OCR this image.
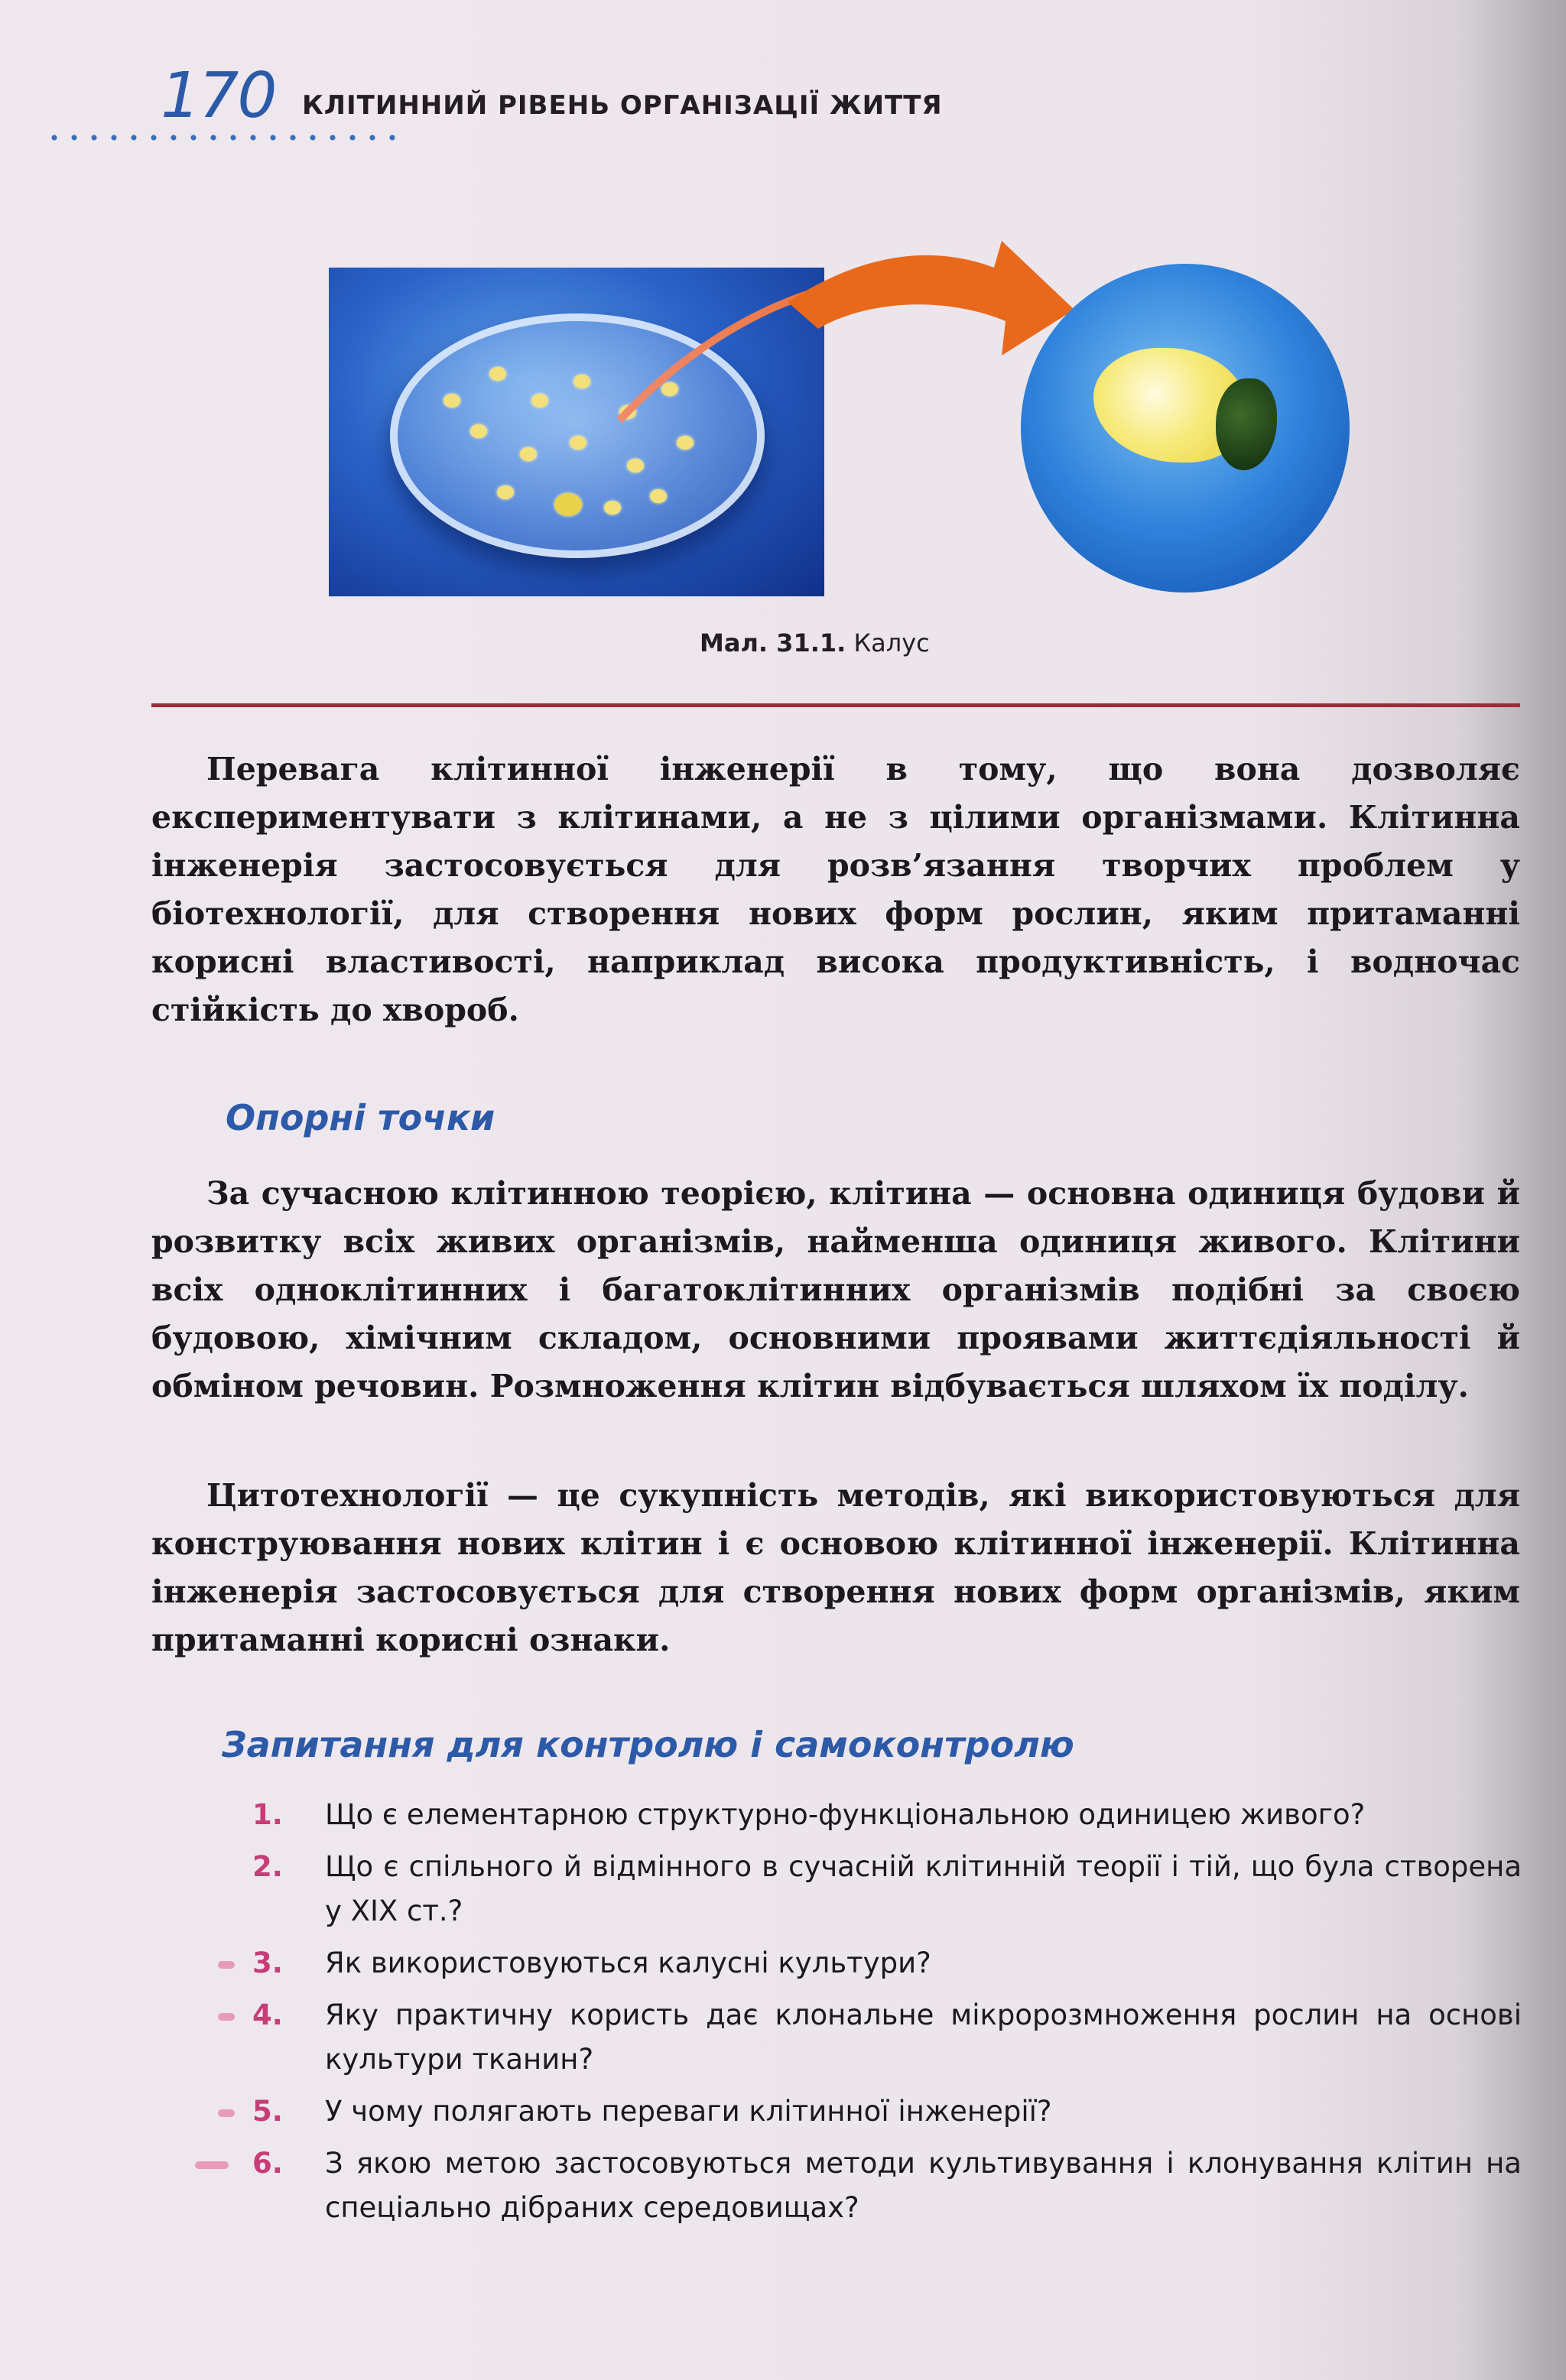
170 КЛІТИННИЙ РІВЕНЬ ОРГАНІЗАЦІЇ ЖИТТЯ
Мал. 31.1. Калус

Перевага клітинної інженерії в тому, що вона дозволяє експериментувати з клітинами, а не з цілими організмами. Клітинна інженерія застосовується для розв’язання творчих проблем у біотехнології, для створення нових форм рослин, яким притаманні корисні властивості, наприклад висока продуктивність, і водночас стійкість до хвороб.

Опорні точки

За сучасною клітинною теорією, клітина — основна одиниця будови й розвитку всіх живих організмів, найменша одиниця живого. Клітини всіх одноклітинних і багатоклітинних організмів подібні за своєю будовою, хімічним складом, основними проявами життєдіяльності й обміном речовин. Розмноження клітин відбувається шляхом їх поділу.

Цитотехнології — це сукупність методів, які використовуються для конструювання нових клітин і є основою клітинної інженерії. Клітинна інженерія застосовується для створення нових форм організмів, яким притаманні корисні ознаки.

Запитання для контролю і самоконтролю
1. Що є елементарною структурно-функціональною одиницею живого?
2. Що є спільного й відмінного в сучасній клітинній теорії і тій, що була створена у XIX ст.?
3. Як використовуються калусні культури?
4. Яку практичну користь дає клональне мікророзмноження рослин на основі культури тканин?
5. У чому полягають переваги клітинної інженерії?
6. З якою метою застосовуються методи культивування і клонування клітин на спеціально дібраних середовищах?
